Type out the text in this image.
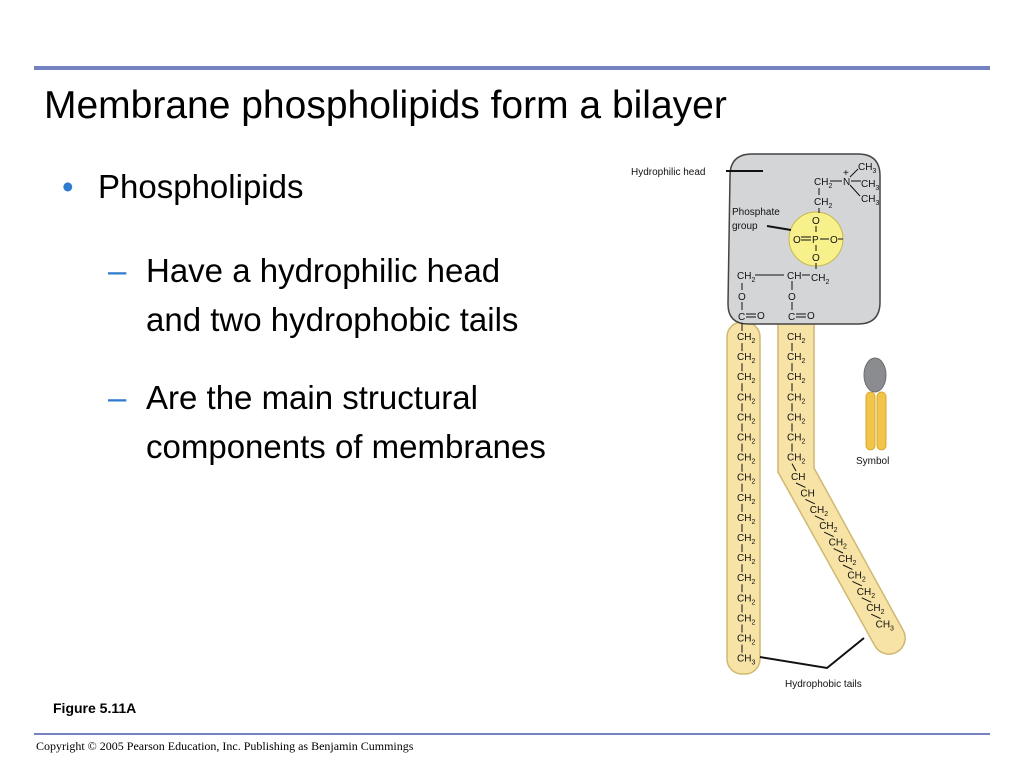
Membrane phospholipids form a bilayer
• Phospholipids
– Have a hydrophilic head
and two hydrophobic tails
– Are the main structural
components of membranes
Hydrophilic head
Phosphate
group
Symbol
Hydrophobic tails
+
$CH_3$
$CH_3$
$CH_3$
N
$CH_2$
$CH_2$
O
P
O	O
O
$CH_2$	CH $CH_2$
O	O
C	C
O	O
$CH_2$
$CH_2$
$CH_2$
$CH_2$
$CH_2$
$CH_2$
$CH_2$
$CH_2$
$CH_2$
$CH_2$
$CH_2$
$CH_2$
$CH_2$
$CH_2$
$CH_2$
$CH_2$
$CH_3$
$CH_2$
$CH_2$
$CH_2$
$CH_2$
$CH_2$
$CH_2$
$CH_2$
CH
CH
$CH_2$
$CH_2$
$CH_2$
$CH_2$
$CH_2$
$CH_2$
$CH_2$
$CH_3$
Figure 5.11A
Copyright © 2005 Pearson Education, Inc. Publishing as Benjamin Cummings
